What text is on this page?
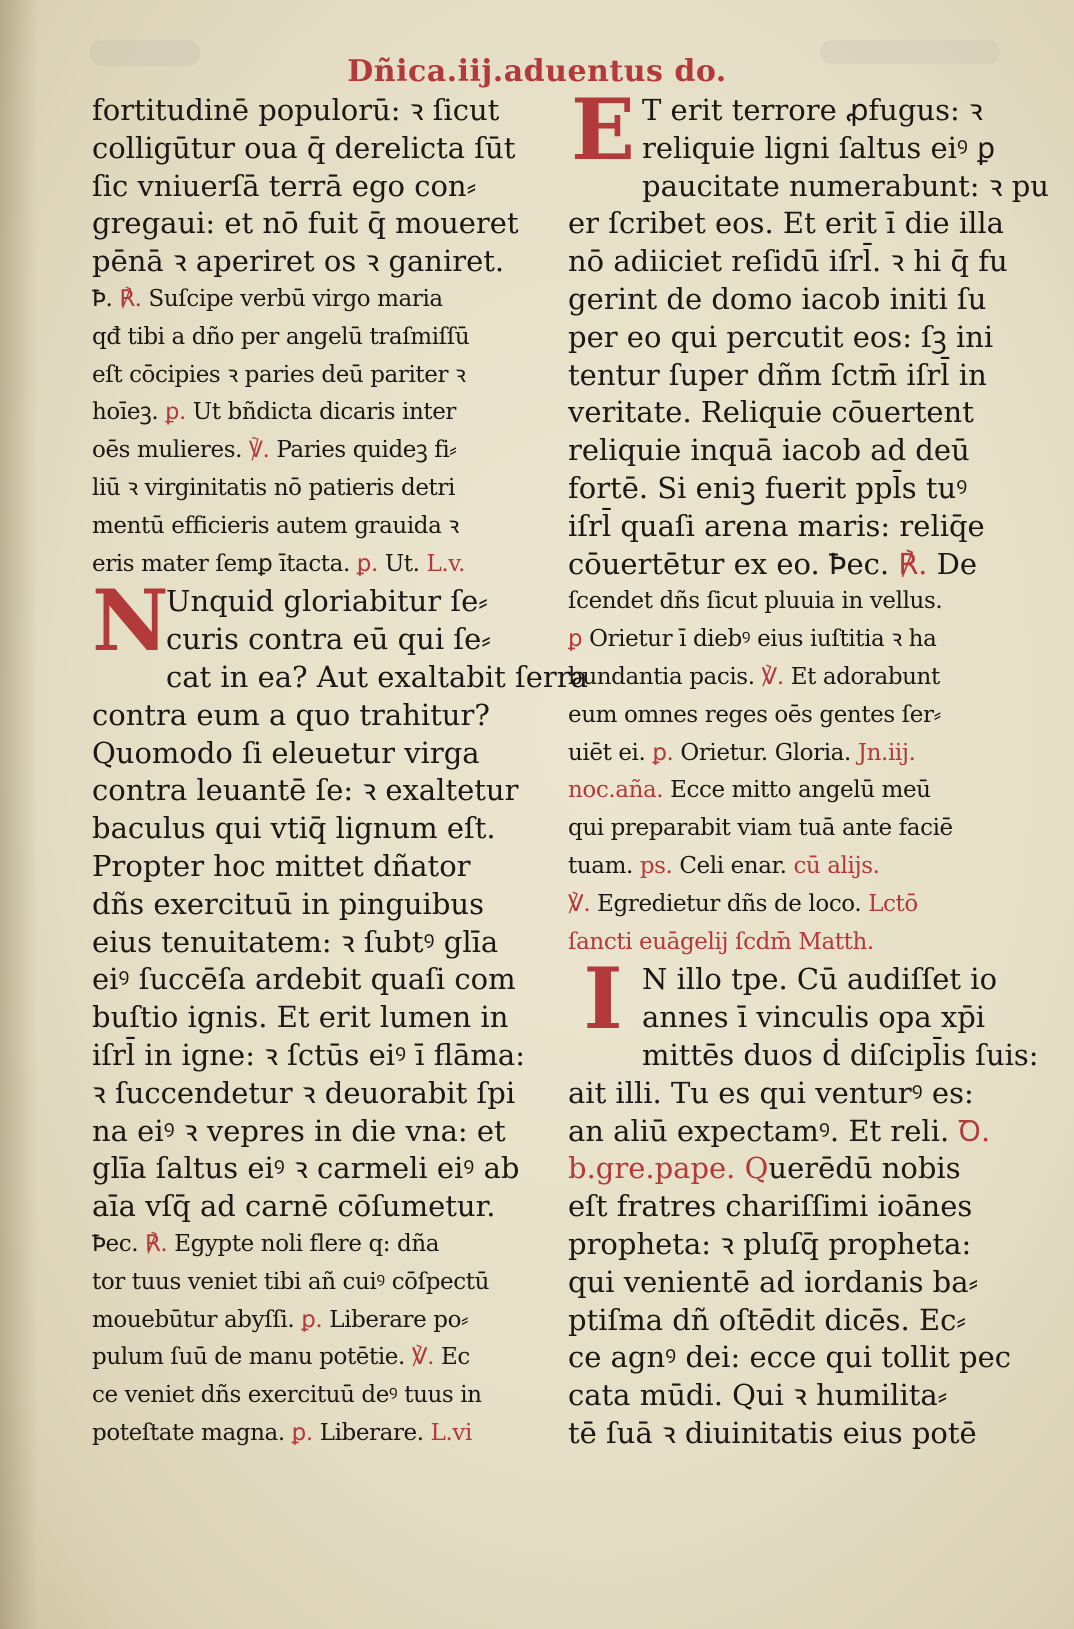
Dñica.iij.aduentus do.
fortitudinē populorū: ꝛ ſicut
colligūtur oua q̄ derelicta ſūt
ſic vniuerſā terrā ego con⸗
gregaui: et nō fuit q̄ moueret
pēnā ꝛ aperiret os ꝛ ganiret.
Ꝥ. ℟. Suſcipe verbū virgo maria
qđ tibi a dño per angelū traſmiſſū
eſt cōcipies ꝛ paries deū pariter ꝛ
hoīeꝫ. ꝑ. Ut bñdicta dicaris inter
oēs mulieres. ℣. Paries quideꝫ fi⸗
liū ꝛ virginitatis nō patieris detri
mentū efficieris autem grauida ꝛ
eris mater ſemꝑ ītacta. ꝑ. Ut. L.v.
N
Unquid gloriabitur ſe⸗
curis contra eū qui ſe⸗
cat in ea? Aut exaltabit ſerra
contra eum a quo trahitur?
Quomodo ſi eleuetur virga
contra leuantē ſe: ꝛ exaltetur
baculus qui vtiq̄ lignum eſt.
Propter hoc mittet dñator
dñs exercituū in pinguibus
eius tenuitatem: ꝛ ſubtꝰ glīa
eiꝰ ſuccēſa ardebit quaſi com
buſtio ignis. Et erit lumen in
iſrl̄ in igne: ꝛ ſctūs eiꝰ ī flāma:
ꝛ ſuccendetur ꝛ deuorabit ſpi
na eiꝰ ꝛ vepres in die vna: et
glīa ſaltus eiꝰ ꝛ carmeli eiꝰ ab
aīa vſq̄ ad carnē cōſumetur.
Ꝥec. ℟. Egypte noli flere q: dña
tor tuus veniet tibi añ cuiꝰ cōſpectū
mouebūtur abyſſi. ꝑ. Liberare po⸗
pulum ſuū de manu potētie. ℣. Ec
ce veniet dñs exercituū deꝰ tuus in
poteſtate magna. ꝑ. Liberare. L.vi
E T erit terrore ꝓfugus: ꝛ
reliquie ligni ſaltus eiꝰ ꝑ
paucitate numerabunt: ꝛ pu
er ſcribet eos. Et erit ī die illa
nō adiiciet reſidū iſrl̄. ꝛ hi q̄ fu
gerint de domo iacob initi ſu
per eo qui percutit eos: ſꝫ ini
tentur ſuper dñm ſctm̄ iſrl̄ in
veritate. Reliquie cōuertent
reliquie inquā iacob ad deū
fortē. Si eniꝫ fuerit ppl̄s tuꝰ
iſrl̄ quaſi arena maris: reliq̄e
cōuertētur ex eo. Ꝥec. ℟. De
ſcendet dñs ſicut pluuia in vellus.
ꝑ Orietur ī diebꝰ eius iuſtitia ꝛ ha
bundantia pacis. ℣. Et adorabunt
eum omnes reges oēs gentes ſer⸗
uiēt ei. ꝑ. Orietur. Gloria. Jn.iij.
noc.aña. Ecce mitto angelū meū
qui preparabit viam tuā ante faciē
tuam. ps. Celi enar. cū alijs.
℣. Egredietur dñs de loco. Lctō
ſancti euāgelij ſcdm̄ Matth.
I N illo tpe. Cū audiſſet io
annes ī vinculis opa xp̄i
mittēs duos ḋ diſcipl̄is ſuis:
ait illi. Tu es qui venturꝰ es:
an aliū expectamꝰ. Et reli. Ꝺ.
b.gre.pape. Querēdū nobis
eſt fratres chariſſimi ioānes
propheta: ꝛ pluſq̄ propheta:
qui venientē ad iordanis ba⸗
ptiſma dñ oſtēdit dicēs. Ec⸗
ce agnꝰ dei: ecce qui tollit pec
cata mūdi. Qui ꝛ humilita⸗
tē ſuā ꝛ diuinitatis eius potē
